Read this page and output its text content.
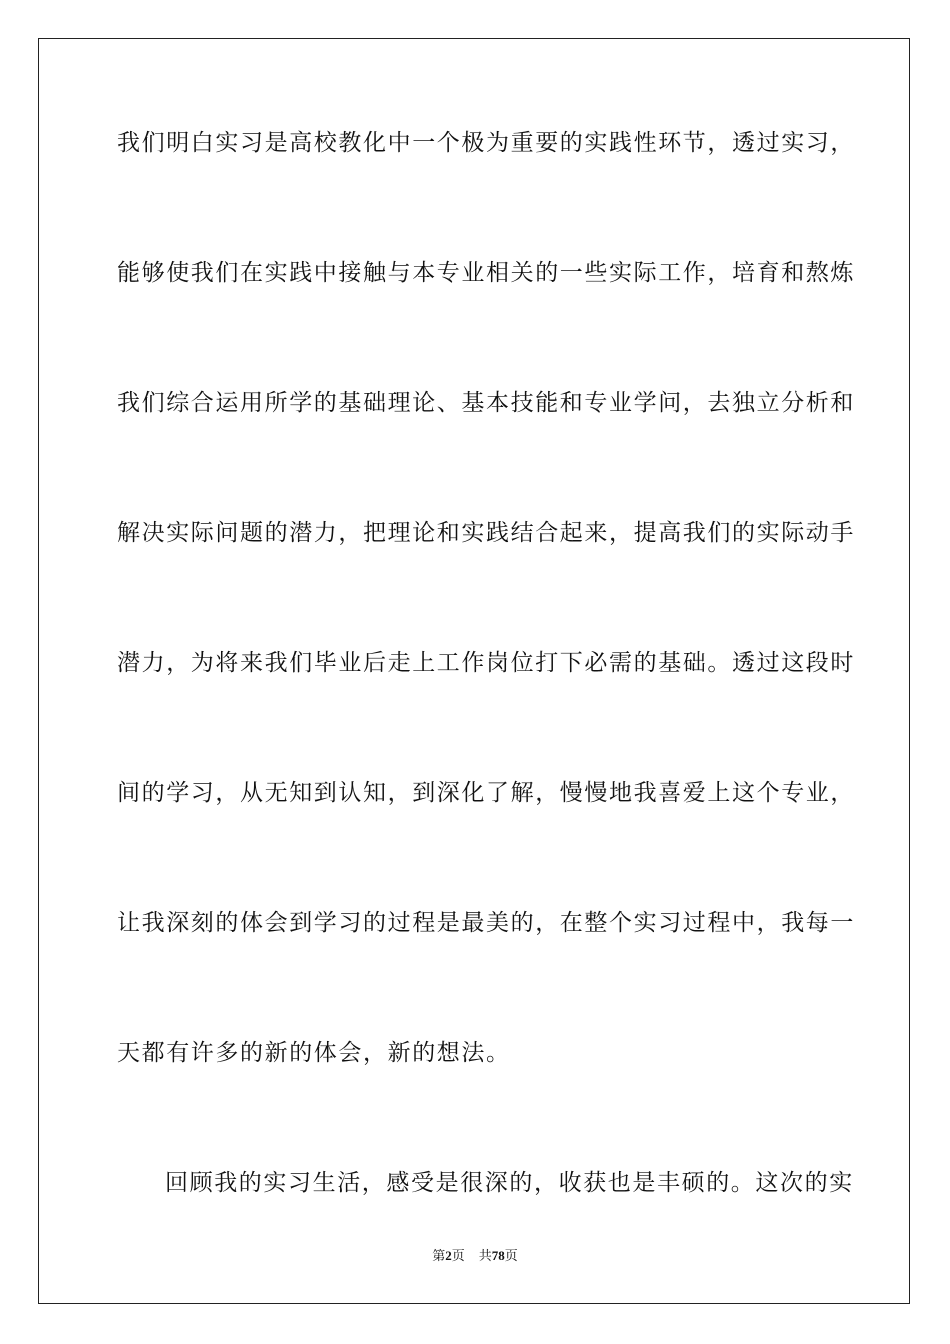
我们明白实习是高校教化中一个极为重要的实践性环节，透过实习，
能够使我们在实践中接触与本专业相关的一些实际工作，培育和熬炼
我们综合运用所学的基础理论、基本技能和专业学问，去独立分析和
解决实际问题的潜力，把理论和实践结合起来，提高我们的实际动手
潜力，为将来我们毕业后走上工作岗位打下必需的基础。透过这段时
间的学习，从无知到认知，到深化了解，慢慢地我喜爱上这个专业，
让我深刻的体会到学习的过程是最美的，在整个实习过程中，我每一
天都有许多的新的体会，新的想法。
回顾我的实习生活，感受是很深的，收获也是丰硕的。这次的实
第2页 共78页
